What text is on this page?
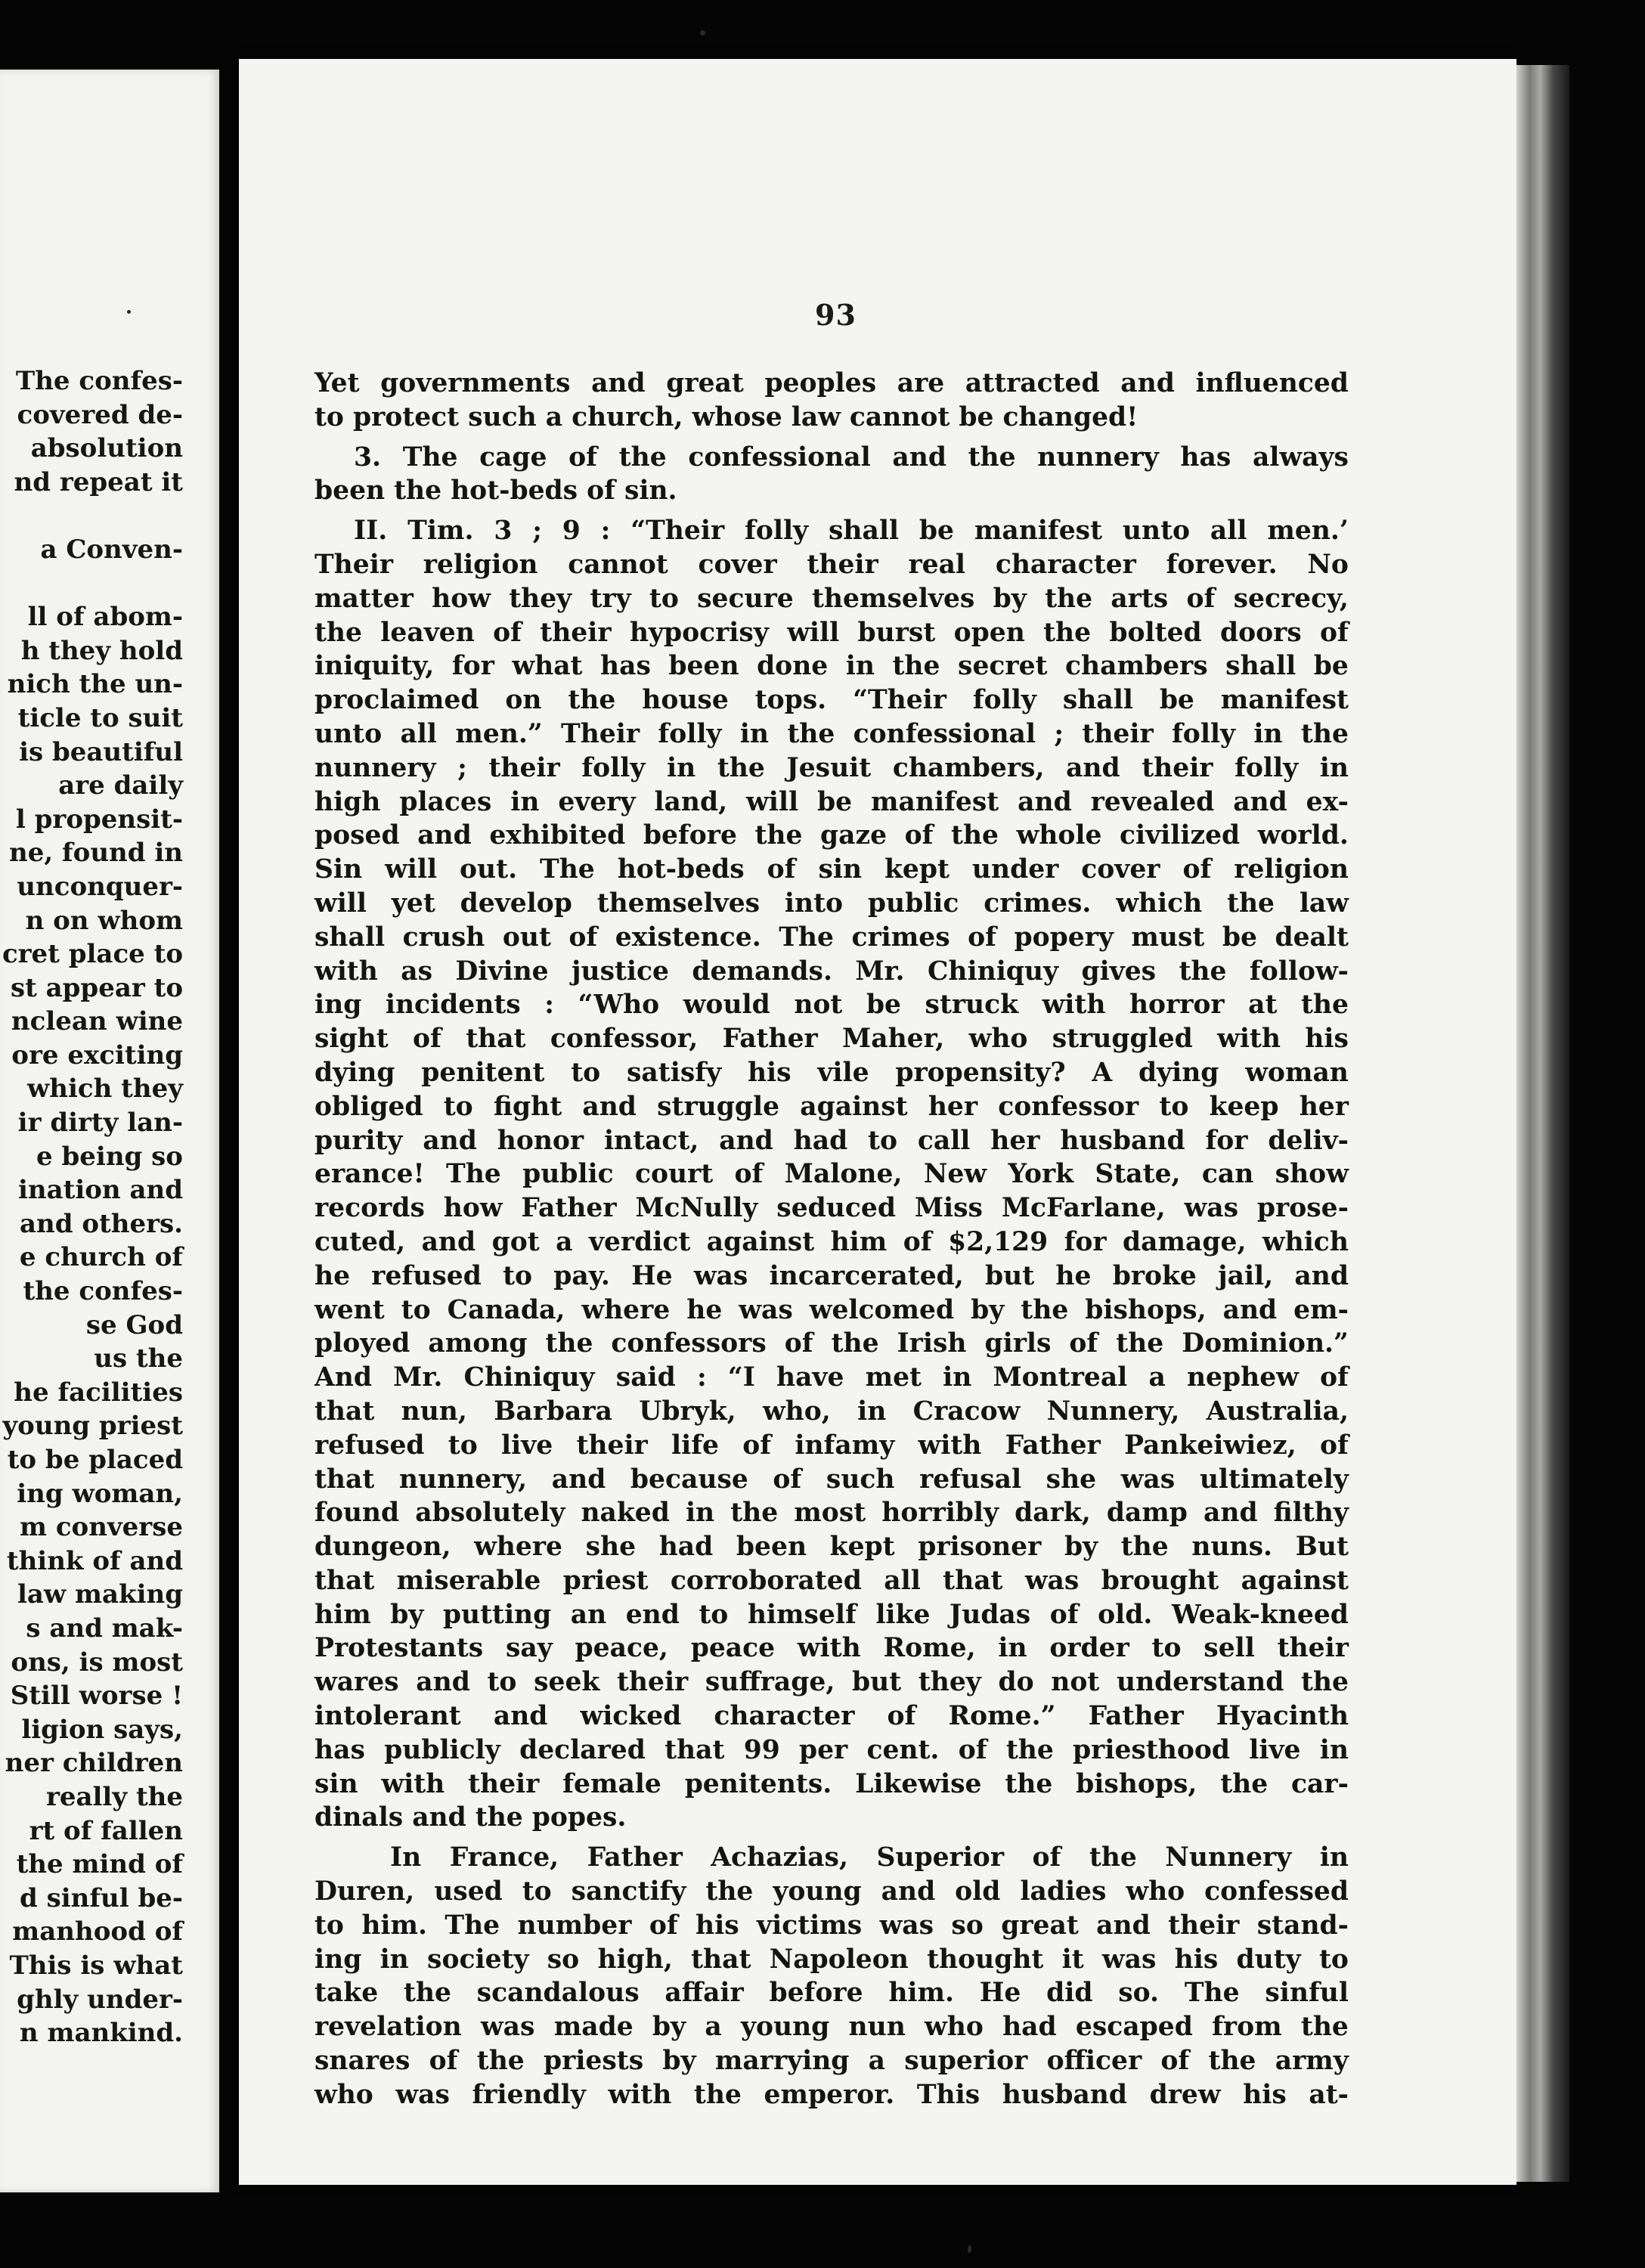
The confes-
covered de-
absolution
nd repeat it
a Conven-
ll of abom-
h they hold
nich the un-
ticle to suit
is beautiful
are daily
l propensit-
ne, found in
unconquer-
n on whom
cret place to
st appear to
nclean wine
ore exciting
which they
ir dirty lan-
e being so
ination and
and others.
e church of
the confes-
se God
us the
he facilities
young priest
to be placed
ing woman,
m converse
think of and
law making
s and mak-
ons, is most
Still worse !
ligion says,
ner children
really the
rt of fallen
the mind of
d sinful be-
manhood of
This is what
ghly under-
n mankind.
93
Yet governments and great peoples are attracted and influenced
to protect such a church, whose law cannot be changed!
3. The cage of the confessional and the nunnery has always
been the hot-beds of sin.
II. Tim. 3 ; 9 : “Their folly shall be manifest unto all men.’
Their religion cannot cover their real character forever. No
matter how they try to secure themselves by the arts of secrecy,
the leaven of their hypocrisy will burst open the bolted doors of
iniquity, for what has been done in the secret chambers shall be
proclaimed on the house tops. “Their folly shall be manifest
unto all men.” Their folly in the confessional ; their folly in the
nunnery ; their folly in the Jesuit chambers, and their folly in
high places in every land, will be manifest and revealed and ex-
posed and exhibited before the gaze of the whole civilized world.
Sin will out. The hot-beds of sin kept under cover of religion
will yet develop themselves into public crimes. which the law
shall crush out of existence. The crimes of popery must be dealt
with as Divine justice demands. Mr. Chiniquy gives the follow-
ing incidents : “Who would not be struck with horror at the
sight of that confessor, Father Maher, who struggled with his
dying penitent to satisfy his vile propensity? A dying woman
obliged to fight and struggle against her confessor to keep her
purity and honor intact, and had to call her husband for deliv-
erance! The public court of Malone, New York State, can show
records how Father McNully seduced Miss McFarlane, was prose-
cuted, and got a verdict against him of $2,129 for damage, which
he refused to pay. He was incarcerated, but he broke jail, and
went to Canada, where he was welcomed by the bishops, and em-
ployed among the confessors of the Irish girls of the Dominion.”
And Mr. Chiniquy said : “I have met in Montreal a nephew of
that nun, Barbara Ubryk, who, in Cracow Nunnery, Australia,
refused to live their life of infamy with Father Pankeiwiez, of
that nunnery, and because of such refusal she was ultimately
found absolutely naked in the most horribly dark, damp and filthy
dungeon, where she had been kept prisoner by the nuns. But
that miserable priest corroborated all that was brought against
him by putting an end to himself like Judas of old. Weak-kneed
Protestants say peace, peace with Rome, in order to sell their
wares and to seek their suffrage, but they do not understand the
intolerant and wicked character of Rome.” Father Hyacinth
has publicly declared that 99 per cent. of the priesthood live in
sin with their female penitents. Likewise the bishops, the car-
dinals and the popes.
In France, Father Achazias, Superior of the Nunnery in
Duren, used to sanctify the young and old ladies who confessed
to him. The number of his victims was so great and their stand-
ing in society so high, that Napoleon thought it was his duty to
take the scandalous affair before him. He did so. The sinful
revelation was made by a young nun who had escaped from the
snares of the priests by marrying a superior officer of the army
who was friendly with the emperor. This husband drew his at-
